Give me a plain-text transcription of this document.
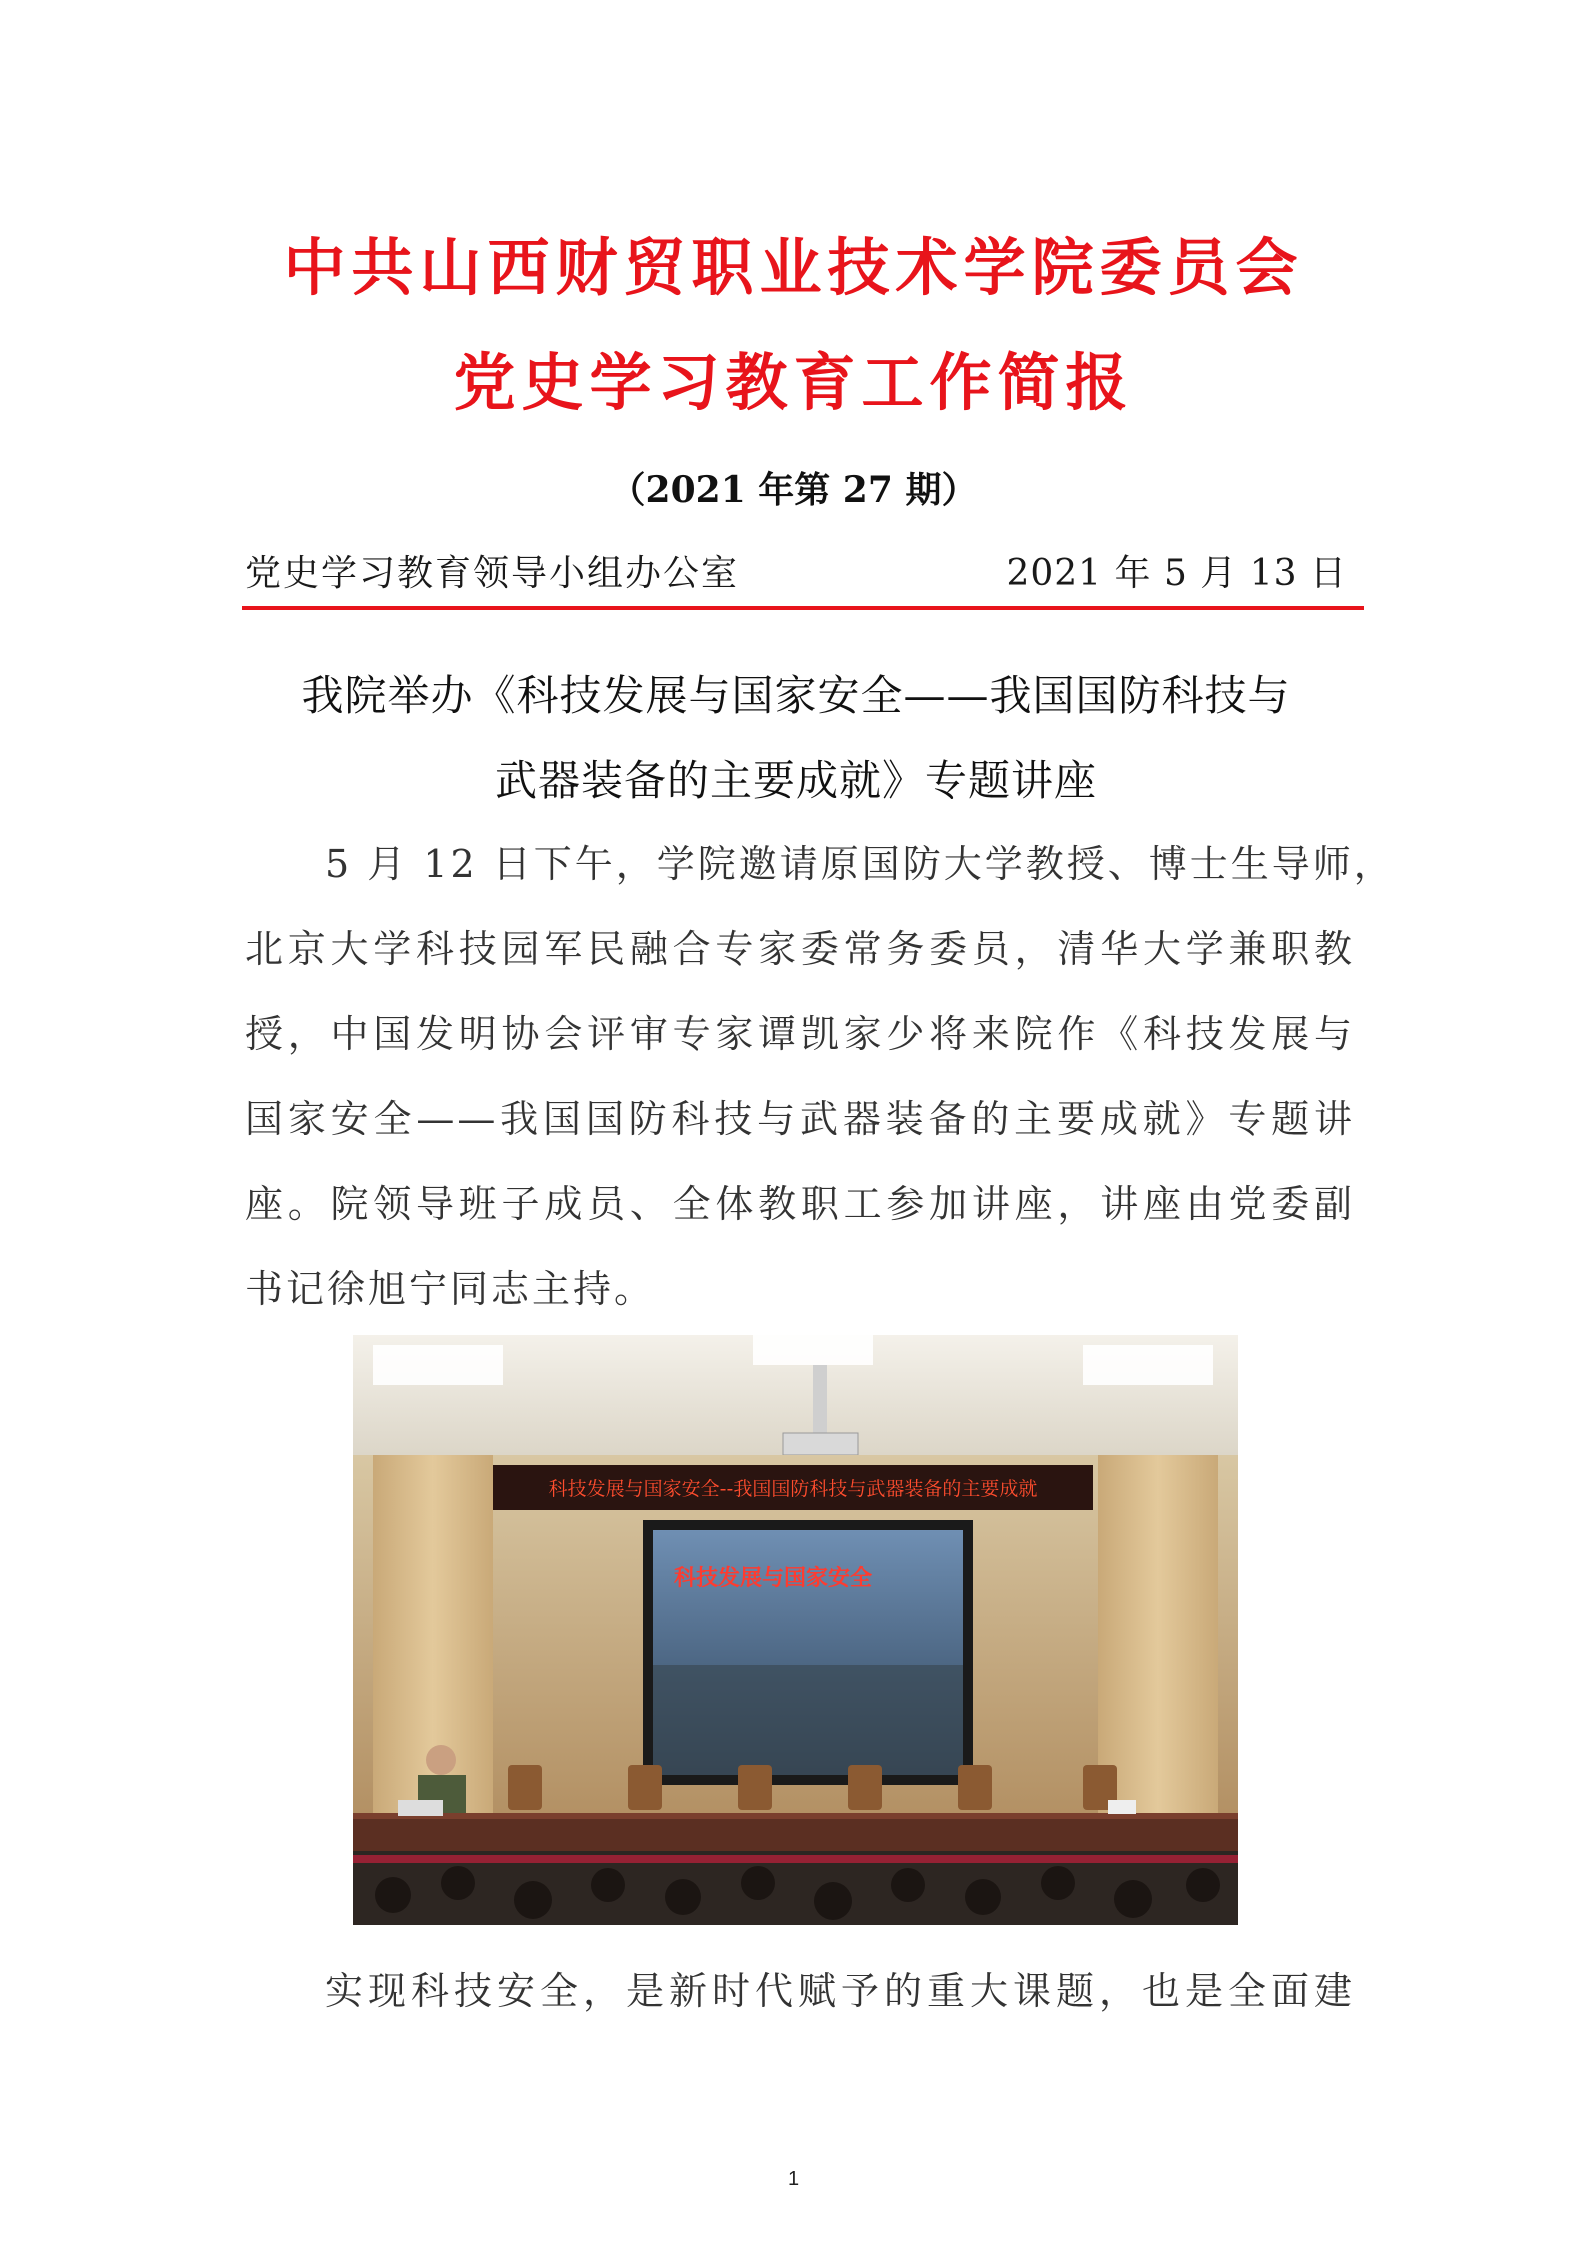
中共山西财贸职业技术学院委员会
党史学习教育工作简报
（2021 年第 27 期）
党史学习教育领导小组办公室	2021 年 5 月 13 日
我院举办《科技发展与国家安全——我国国防科技与
武器装备的主要成就》专题讲座
5 月 12 日下午，学院邀请原国防大学教授、博士生导师，
北京大学科技园军民融合专家委常务委员，清华大学兼职教
授，中国发明协会评审专家谭凯家少将来院作《科技发展与
国家安全——我国国防科技与武器装备的主要成就》专题讲
座。院领导班子成员、全体教职工参加讲座，讲座由党委副
书记徐旭宁同志主持。
科技发展与国家安全--我国国防科技与武器装备的主要成就
科技发展与国家安全
实现科技安全，是新时代赋予的重大课题，也是全面建
1
